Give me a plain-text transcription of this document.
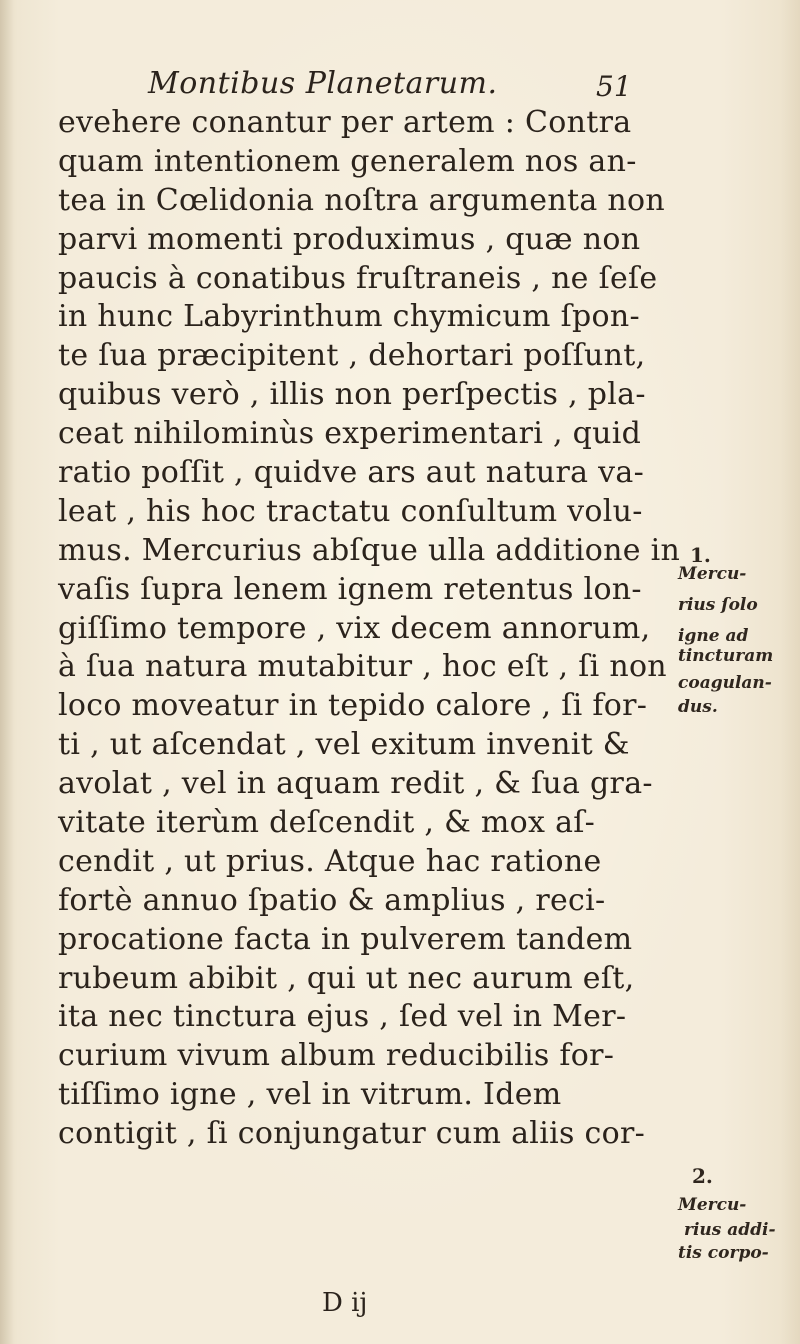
Montibus Planetarum.	51
evehere conantur per artem : Contra
quam intentionem generalem nos an-
tea in Cœlidonia noſtra argumenta non
parvi momenti produximus , quæ non
paucis à conatibus fruſtraneis , ne ſeſe
in hunc Labyrinthum chymicum ſpon-
te ſua præcipitent , dehortari poſſunt,
quibus verò , illis non perſpectis , pla-
ceat nihilominùs experimentari , quid
ratio poſſit , quidve ars aut natura va-
leat , his hoc tractatu conſultum volu-
mus. Mercurius abſque ulla additione in
vaſis ſupra lenem ignem retentus lon-
giſſimo tempore , vix decem annorum,
à ſua natura mutabitur , hoc eſt , ſi non
loco moveatur in tepido calore , ſi for-
ti , ut aſcendat , vel exitum invenit &
avolat , vel in aquam redit , & ſua gra-
vitate iterùm deſcendit , & mox aſ-
cendit , ut prius. Atque hac ratione
fortè annuo ſpatio & amplius , reci-
procatione facta in pulverem tandem
rubeum abibit , qui ut nec aurum eſt,
ita nec tinctura ejus , ſed vel in Mer-
curium vivum album reducibilis for-
tiſſimo igne , vel in vitrum. Idem
contigit , ſi conjungatur cum aliis cor-
1.
Mercu-
rius ſolo
igne ad
tincturam
coagulan-
dus.
2.
Mercu-
rius addi-
tis corpo-
D ij
